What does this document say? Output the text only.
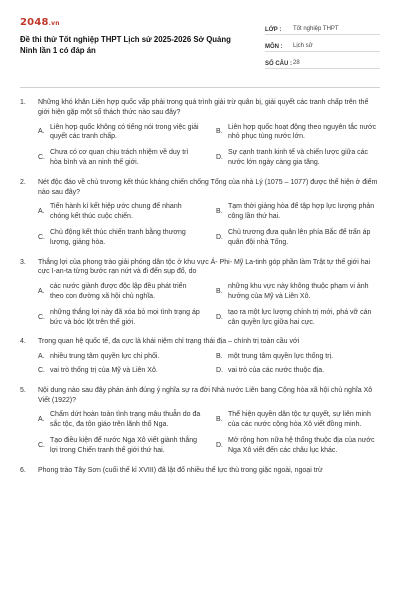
2048.vn
Đề thi thử Tốt nghiệp THPT Lịch sử 2025-2026 Sở Quảng Ninh lần 1 có đáp án
LỚP :	Tốt nghiệp THPT
MÔN :	Lịch sử
SỐ CÂU : 28
1.	Những khó khăn Liên hợp quốc vấp phải trong quá trình giải trừ quân bị, giải quyết các tranh chấp trên thế giới hiện gặp một số thách thức nào sau đây?
A.
Liên hợp quốc không có tiếng nói trong việc giải quyết các tranh chấp.
B.
Liên hợp quốc hoạt động theo nguyên tắc nước nhỏ phục tùng nước lớn.
C.
Chưa có cơ quan chịu trách nhiệm về duy trì hòa bình và an ninh thế giới.
D.
Sự cạnh tranh kinh tế và chiến lược giữa các nước lớn ngày càng gia tăng.
2.	Nét độc đáo về chủ trương kết thúc kháng chiến chống Tống của nhà Lý (1075 – 1077) được thể hiện ở điểm nào sau đây?
A.
Tiến hành kí kết hiệp ước chung để nhanh chóng kết thúc cuộc chiến.
B.
Tạm thời giảng hòa để tập hợp lực lượng phản công lần thứ hai.
C.
Chủ động kết thúc chiến tranh bằng thương lượng, giảng hòa.
D.
Chủ trương đưa quân lên phía Bắc để trấn áp quân đội nhà Tống.
3.	Thắng lợi của phong trào giải phóng dân tộc ở khu vực Á- Phi- Mỹ La-tinh góp phần làm Trật tự thế giới hai cực I-an-ta từng bước rạn nứt và đi đến sụp đổ, do
A.
các nước giành được độc lập đều phát triển theo con đường xã hội chủ nghĩa.
B.
những khu vực này không thuộc phạm vi ảnh hưởng của Mỹ và Liên Xô.
C.
những thắng lợi này đã xóa bỏ mọi tình trạng áp bức và bóc lột trên thế giới.
D.
tạo ra một lực lượng chính trị mới, phá vỡ cán cân quyền lực giữa hai cực.
4.	Trong quan hệ quốc tế, đa cực là khái niệm chỉ trạng thái địa – chính trị toàn cầu với
A. nhiều trung tâm quyền lực chi phối.	B. một trung tâm quyền lực thống trị.
C. vai trò thống trị của Mỹ và Liên Xô.	D. vai trò của các nước thuộc địa.
5.	Nội dung nào sau đây phản ánh đúng ý nghĩa sự ra đời Nhà nước Liên bang Cộng hòa xã hội chủ nghĩa Xô Viết (1922)?
A.
Chấm dứt hoàn toàn tình trạng mâu thuẫn do đa sắc tộc, đa tôn giáo trên lãnh thổ Nga.
B.
Thể hiện quyền dân tộc tự quyết, sự liên minh của các nước cộng hòa Xô viết đồng minh.
C.
Tạo điều kiện để nước Nga Xô viết giành thắng lợi trong Chiến tranh thế giới thứ hai.
D.
Mở rộng hơn nữa hệ thống thuộc địa của nước Nga Xô viết đến các châu lục khác.
6.	Phong trào Tây Sơn (cuối thế kỉ XVIII) đã lật đổ nhiều thế lực thù trong giặc ngoài, ngoại trừ
